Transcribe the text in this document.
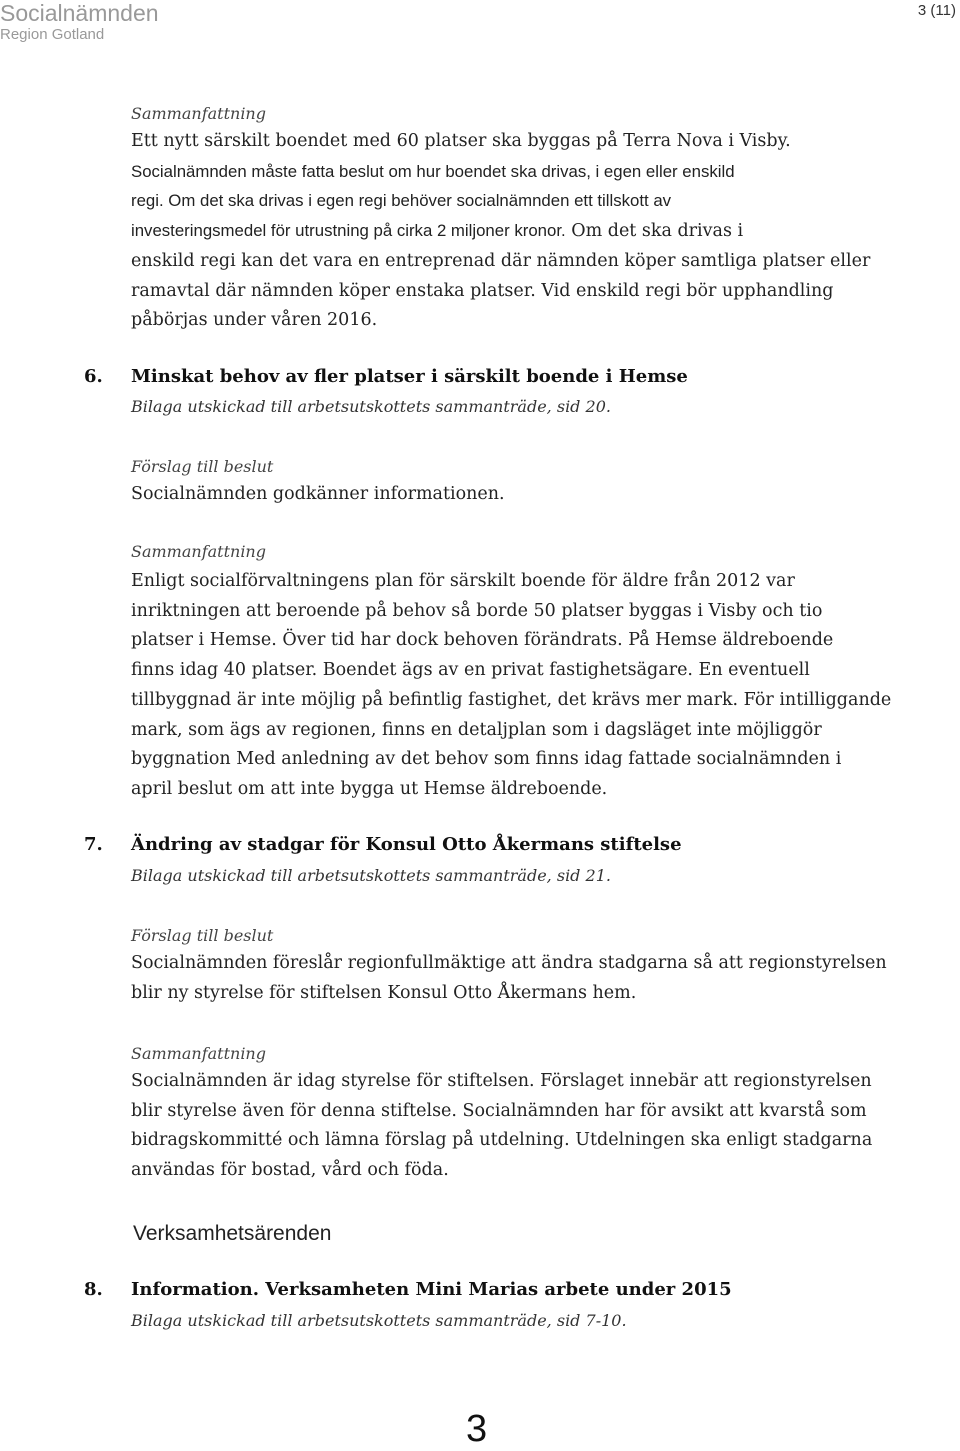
Socialnämnden
Region Gotland
3 (11)
Sammanfattning
Ett nytt särskilt boendet med 60 platser ska byggas på Terra Nova i Visby.
Socialnämnden måste fatta beslut om hur boendet ska drivas, i egen eller enskild
regi. Om det ska drivas i egen regi behöver socialnämnden ett tillskott av
investeringsmedel för utrustning på cirka 2 miljoner kronor. Om det ska drivas i
enskild regi kan det vara en entreprenad där nämnden köper samtliga platser eller
ramavtal där nämnden köper enstaka platser. Vid enskild regi bör upphandling
påbörjas under våren 2016.
6. Minskat behov av fler platser i särskilt boende i Hemse
Bilaga utskickad till arbetsutskottets sammanträde, sid 20.
Förslag till beslut
Socialnämnden godkänner informationen.
Sammanfattning
Enligt socialförvaltningens plan för särskilt boende för äldre från 2012 var
inriktningen att beroende på behov så borde 50 platser byggas i Visby och tio
platser i Hemse. Över tid har dock behoven förändrats. På Hemse äldreboende
finns idag 40 platser. Boendet ägs av en privat fastighetsägare. En eventuell
tillbyggnad är inte möjlig på befintlig fastighet, det krävs mer mark. För intilliggande
mark, som ägs av regionen, finns en detaljplan som i dagsläget inte möjliggör
byggnation Med anledning av det behov som finns idag fattade socialnämnden i
april beslut om att inte bygga ut Hemse äldreboende.
7. Ändring av stadgar för Konsul Otto Åkermans stiftelse
Bilaga utskickad till arbetsutskottets sammanträde, sid 21.
Förslag till beslut
Socialnämnden föreslår regionfullmäktige att ändra stadgarna så att regionstyrelsen
blir ny styrelse för stiftelsen Konsul Otto Åkermans hem.
Sammanfattning
Socialnämnden är idag styrelse för stiftelsen. Förslaget innebär att regionstyrelsen
blir styrelse även för denna stiftelse. Socialnämnden har för avsikt att kvarstå som
bidragskommitté och lämna förslag på utdelning. Utdelningen ska enligt stadgarna
användas för bostad, vård och föda.
Verksamhetsärenden
8. Information. Verksamheten Mini Marias arbete under 2015
Bilaga utskickad till arbetsutskottets sammanträde, sid 7-10.
3
